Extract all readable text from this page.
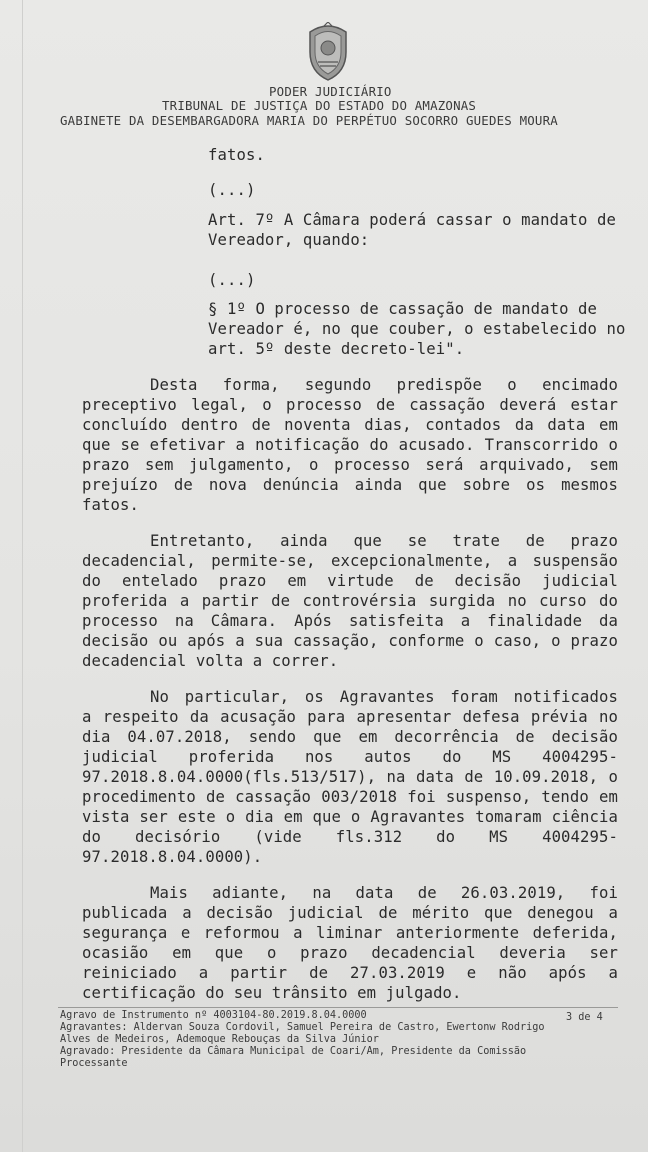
PODER JUDICIÁRIO
TRIBUNAL DE JUSTIÇA DO ESTADO DO AMAZONAS
GABINETE DA DESEMBARGADORA MARIA DO PERPÉTUO SOCORRO GUEDES MOURA
fatos.
(...)
Art. 7º A Câmara poderá cassar o mandato de
Vereador, quando:
(...)
§ 1º O processo de cassação de mandato de
Vereador é, no que couber, o estabelecido no
art. 5º deste decreto-lei".
Desta forma, segundo predispõe o encimado
preceptivo legal, o processo de cassação deverá estar
concluído dentro de noventa dias, contados da data em
que se efetivar a notificação do acusado. Transcorrido o
prazo sem julgamento, o processo será arquivado, sem
prejuízo de nova denúncia ainda que sobre os mesmos
fatos.
Entretanto, ainda que se trate de prazo
decadencial, permite-se, excepcionalmente, a suspensão
do entelado prazo em virtude de decisão judicial
proferida a partir de controvérsia surgida no curso do
processo na Câmara. Após satisfeita a finalidade da
decisão ou após a sua cassação, conforme o caso, o prazo
decadencial volta a correr.
No particular, os Agravantes foram notificados
a respeito da acusação para apresentar defesa prévia no
dia 04.07.2018, sendo que em decorrência de decisão
judicial proferida nos autos do MS 4004295-
97.2018.8.04.0000(fls.513/517), na data de 10.09.2018, o
procedimento de cassação 003/2018 foi suspenso, tendo em
vista ser este o dia em que o Agravantes tomaram ciência
do decisório (vide fls.312 do MS 4004295-
97.2018.8.04.0000).
Mais adiante, na data de 26.03.2019, foi
publicada a decisão judicial de mérito que denegou a
segurança e reformou a liminar anteriormente deferida,
ocasião em que o prazo decadencial deveria ser
reiniciado a partir de 27.03.2019 e não após a
certificação do seu trânsito em julgado.
Agravo de Instrumento nº 4003104-80.2019.8.04.0000	3 de 4
Agravantes: Aldervan Souza Cordovil, Samuel Pereira de Castro, Ewertonw Rodrigo
Alves de Medeiros, Ademoque Rebouças da Silva Júnior
Agravado: Presidente da Câmara Municipal de Coari/Am, Presidente da Comissão
Processante
